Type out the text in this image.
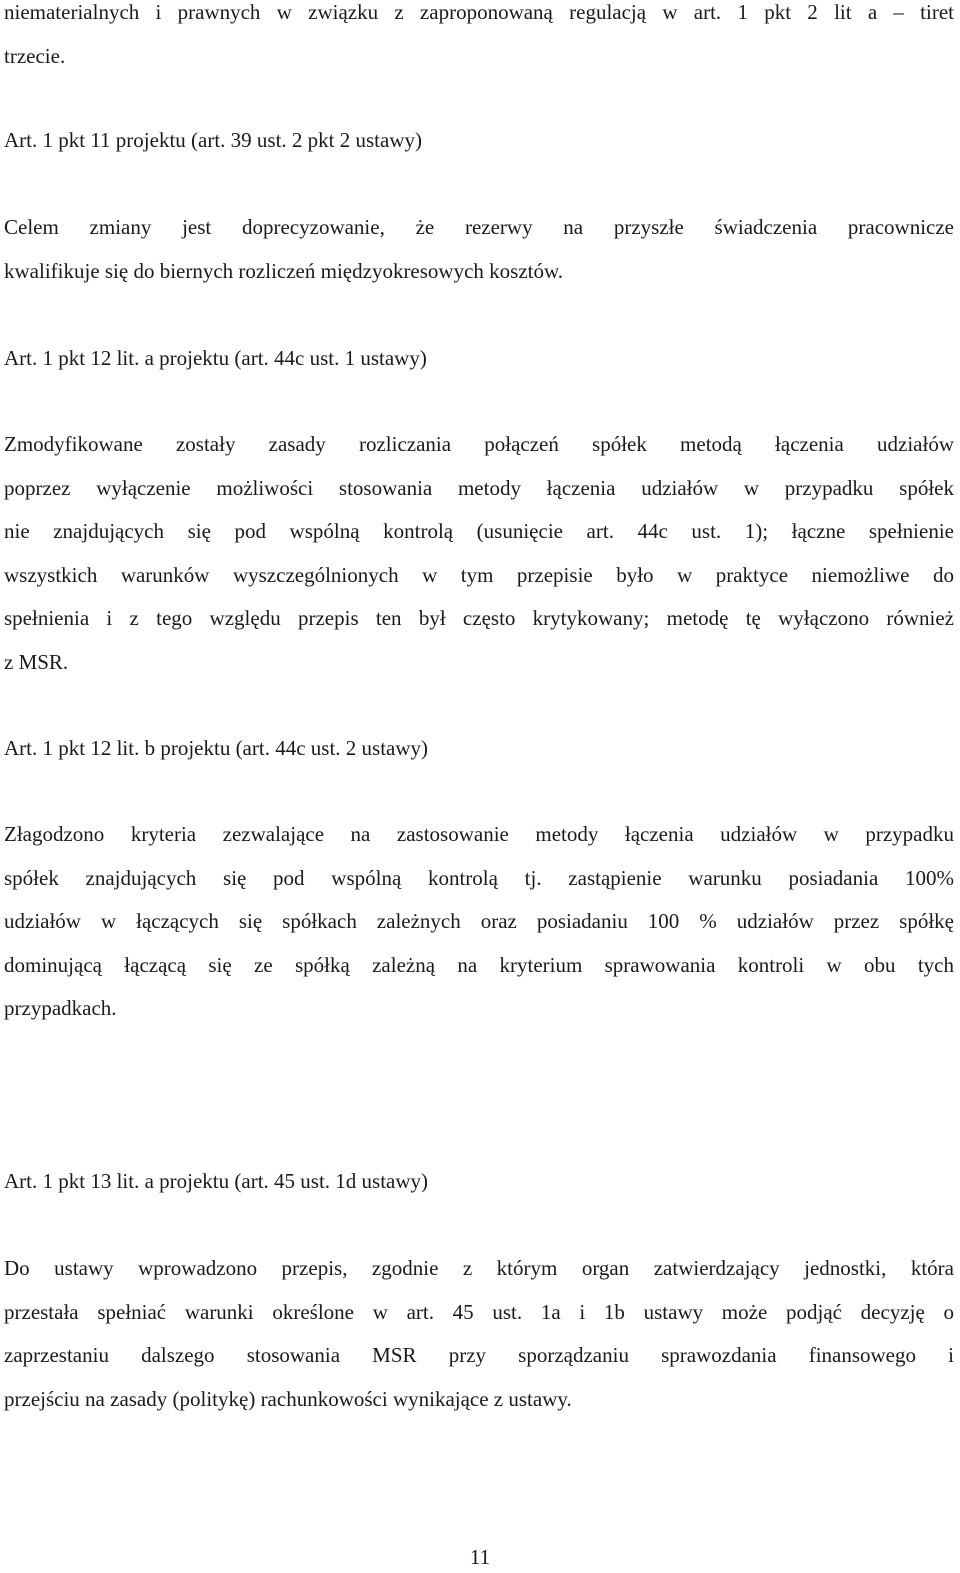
niematerialnych i prawnych w związku z zaproponowaną regulacją w art. 1 pkt 2 lit a – tiret
trzecie.
Art. 1 pkt 11 projektu (art. 39 ust. 2 pkt 2 ustawy)
Celem zmiany jest doprecyzowanie, że rezerwy na przyszłe świadczenia pracownicze
kwalifikuje się do biernych rozliczeń międzyokresowych kosztów.
Art. 1 pkt 12 lit. a projektu (art. 44c ust. 1 ustawy)
Zmodyfikowane zostały zasady rozliczania połączeń spółek metodą łączenia udziałów
poprzez wyłączenie możliwości stosowania metody łączenia udziałów w przypadku spółek
nie znajdujących się pod wspólną kontrolą (usunięcie art. 44c ust. 1); łączne spełnienie
wszystkich warunków wyszczególnionych w tym przepisie było w praktyce niemożliwe do
spełnienia i z tego względu przepis ten był często krytykowany; metodę tę wyłączono również
z MSR.
Art. 1 pkt 12 lit. b projektu (art. 44c ust. 2 ustawy)
Złagodzono kryteria zezwalające na zastosowanie metody łączenia udziałów w przypadku
spółek znajdujących się pod wspólną kontrolą tj. zastąpienie warunku posiadania 100%
udziałów w łączących się spółkach zależnych oraz posiadaniu 100 % udziałów przez spółkę
dominującą łączącą się ze spółką zależną na kryterium sprawowania kontroli w obu tych
przypadkach.
Art. 1 pkt 13 lit. a projektu (art. 45 ust. 1d ustawy)
Do ustawy wprowadzono przepis, zgodnie z którym organ zatwierdzający jednostki, która
przestała spełniać warunki określone w art. 45 ust. 1a i 1b ustawy może podjąć decyzję o
zaprzestaniu dalszego stosowania MSR przy sporządzaniu sprawozdania finansowego i
przejściu na zasady (politykę) rachunkowości wynikające z ustawy.
11
